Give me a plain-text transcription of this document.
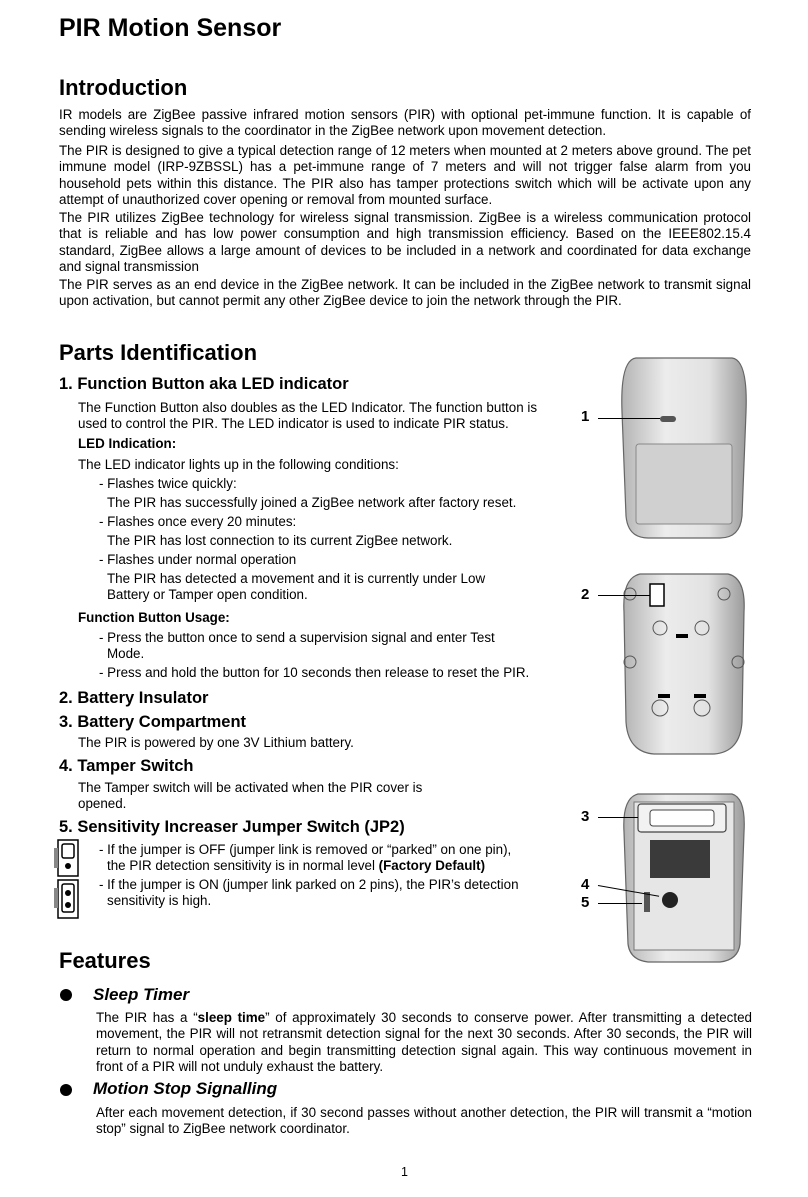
PIR Motion Sensor
Introduction

IR models are ZigBee passive infrared motion sensors (PIR) with optional pet-immune function. It is capable of sending wireless signals to the coordinator in the ZigBee network upon movement detection.

The PIR is designed to give a typical detection range of 12 meters when mounted at 2 meters above ground. The pet immune model (IRP-9ZBSSL) has a pet-immune range of 7 meters and will not trigger false alarm from you household pets within this distance. The PIR also has tamper protections switch which will be activate upon any attempt of unauthorized cover opening or removal from mounted surface.

The PIR utilizes ZigBee technology for wireless signal transmission. ZigBee is a wireless communication protocol that is reliable and has low power consumption and high transmission efficiency. Based on the IEEE802.15.4 standard, ZigBee allows a large amount of devices to be included in a network and coordinated for data exchange and signal transmission

The PIR serves as an end device in the ZigBee network. It can be included in the ZigBee network to transmit signal upon activation, but cannot permit any other ZigBee device to join the network through the PIR.

Parts Identification
1. Function Button aka LED indicator

The Function Button also doubles as the LED Indicator. The function button is used to control the PIR. The LED indicator is used to indicate PIR status.

LED Indication:

The LED indicator lights up in the following conditions:

- Flashes twice quickly:

The PIR has successfully joined a ZigBee network after factory reset.

- Flashes once every 20 minutes:

The PIR has lost connection to its current ZigBee network.

- Flashes under normal operation

The PIR has detected a movement and it is currently under Low

Battery or Tamper open condition.

Function Button Usage:

- Press the button once to send a supervision signal and enter Test

Mode.

- Press and hold the button for 10 seconds then release to reset the PIR.

2. Battery Insulator
3. Battery Compartment

The PIR is powered by one 3V Lithium battery.

4. Tamper Switch

The Tamper switch will be activated when the PIR cover is

opened.

5. Sensitivity Increaser Jumper Switch (JP2)

- If the jumper is OFF (jumper link is removed or “parked” on one pin),

the PIR detection sensitivity is in normal level (Factory Default)

- If the jumper is ON (jumper link parked on 2 pins), the PIR’s detection

sensitivity is high.

1
2
3
4
5
Features
Sleep Timer

The PIR has a “sleep time” of approximately 30 seconds to conserve power. After transmitting a detected movement, the PIR will not retransmit detection signal for the next 30 seconds. After 30 seconds, the PIR will return to normal operation and begin transmitting detection signal again. This way continuous movement in front of a PIR will not unduly exhaust the battery.

Motion Stop Signalling

After each movement detection, if 30 second passes without another detection, the PIR will transmit a “motion stop” signal to ZigBee network coordinator.

1
